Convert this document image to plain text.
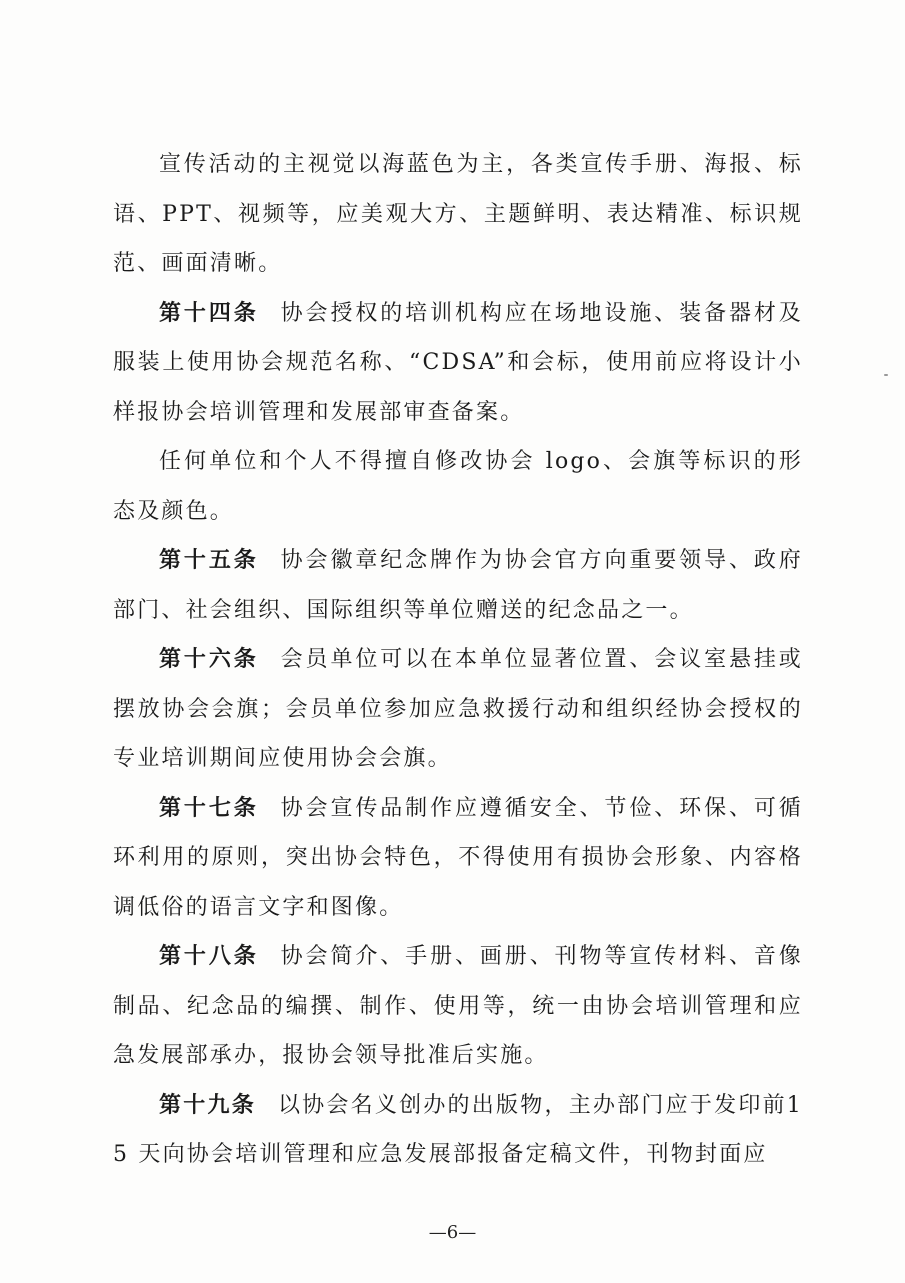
宣传活动的主视觉以海蓝色为主，各类宣传手册、海报、标语、PPT、视频等，应美观大方、主题鲜明、表达精准、标识规范、画面清晰。

第十四条 协会授权的培训机构应在场地设施、装备器材及服装上使用协会规范名称、“CDSA”和会标，使用前应将设计小样报协会培训管理和发展部审查备案。

任何单位和个人不得擅自修改协会 logo、会旗等标识的形态及颜色。

第十五条 协会徽章纪念牌作为协会官方向重要领导、政府部门、社会组织、国际组织等单位赠送的纪念品之一。

第十六条 会员单位可以在本单位显著位置、会议室悬挂或摆放协会会旗；会员单位参加应急救援行动和组织经协会授权的专业培训期间应使用协会会旗。

第十七条 协会宣传品制作应遵循安全、节俭、环保、可循环利用的原则，突出协会特色，不得使用有损协会形象、内容格调低俗的语言文字和图像。

第十八条 协会简介、手册、画册、刊物等宣传材料、音像制品、纪念品的编撰、制作、使用等，统一由协会培训管理和应急发展部承办，报协会领导批准后实施。

第十九条 以协会名义创办的出版物，主办部门应于发印前15 天向协会培训管理和应急发展部报备定稿文件，刊物封面应

—6—
